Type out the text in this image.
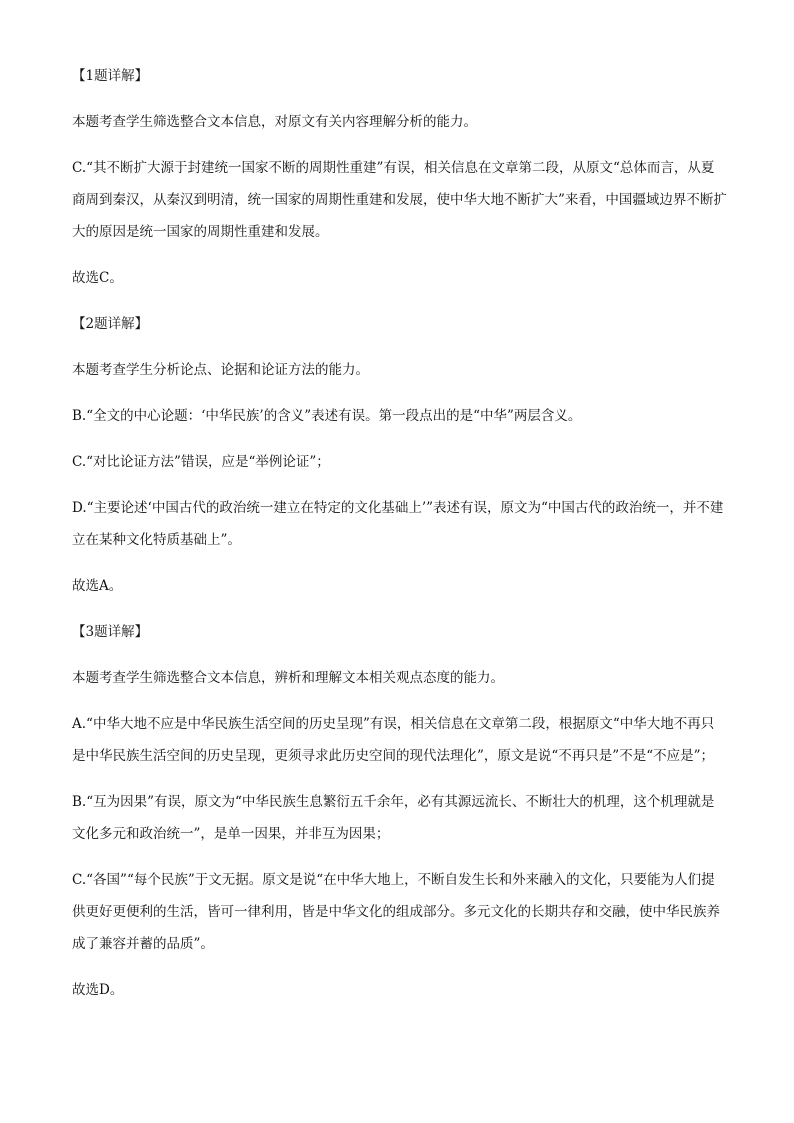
【1题详解】

本题考查学生筛选整合文本信息，对原文有关内容理解分析的能力。

C.“其不断扩大源于封建统一国家不断的周期性重建”有误，相关信息在文章第二段，从原文“总体而言，从夏商周到秦汉，从秦汉到明清，统一国家的周期性重建和发展，使中华大地不断扩大”来看，中国疆域边界不断扩大的原因是统一国家的周期性重建和发展。

故选C。

【2题详解】

本题考查学生分析论点、论据和论证方法的能力。

B.“全文的中心论题：‘中华民族’的含义”表述有误。第一段点出的是“中华”两层含义。

C.“对比论证方法”错误，应是“举例论证”；

D.“主要论述‘中国古代的政治统一建立在特定的文化基础上’”表述有误，原文为“中国古代的政治统一，并不建立在某种文化特质基础上”。

故选A。

【3题详解】

本题考查学生筛选整合文本信息，辨析和理解文本相关观点态度的能力。

A.“中华大地不应是中华民族生活空间的历史呈现”有误，相关信息在文章第二段，根据原文“中华大地不再只是中华民族生活空间的历史呈现，更须寻求此历史空间的现代法理化”，原文是说“不再只是”不是“不应是”；

B.“互为因果”有误，原文为“中华民族生息繁衍五千余年，必有其源远流长、不断壮大的机理，这个机理就是文化多元和政治统一”，是单一因果，并非互为因果；

C.“各国”“每个民族”于文无据。原文是说“在中华大地上，不断自发生长和外来融入的文化，只要能为人们提供更好更便利的生活，皆可一律利用，皆是中华文化的组成部分。多元文化的长期共存和交融，使中华民族养成了兼容并蓄的品质”。

故选D。
